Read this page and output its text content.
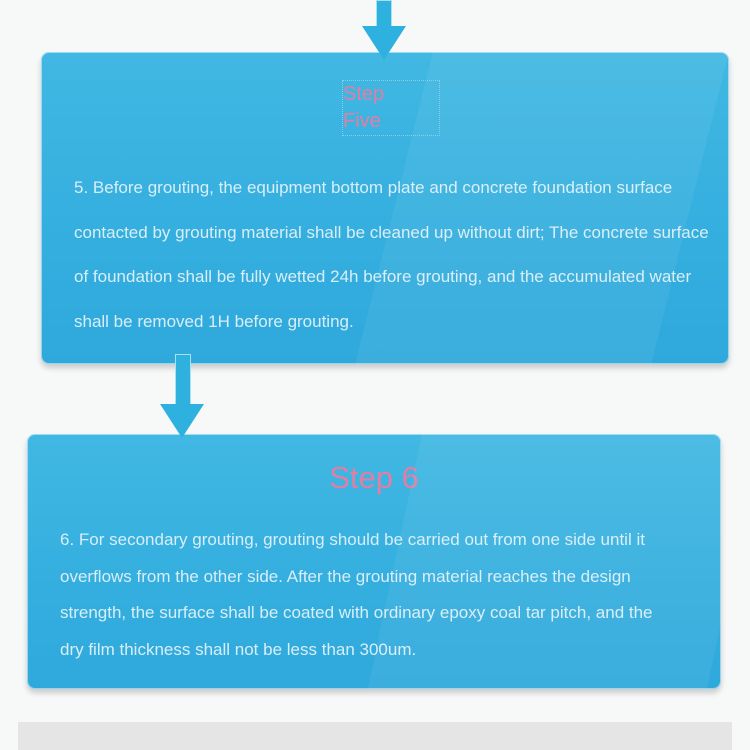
Step
Five

5. Before grouting, the equipment bottom plate and concrete foundation surface contacted by grouting material shall be cleaned up without dirt; The concrete surface of foundation shall be fully wetted 24h before grouting, and the accumulated water shall be removed 1H before grouting.

Step 6

6. For secondary grouting, grouting should be carried out from one side until it overflows from the other side. After the grouting material reaches the design strength, the surface shall be coated with ordinary epoxy coal tar pitch, and the dry film thickness shall not be less than 300um.
